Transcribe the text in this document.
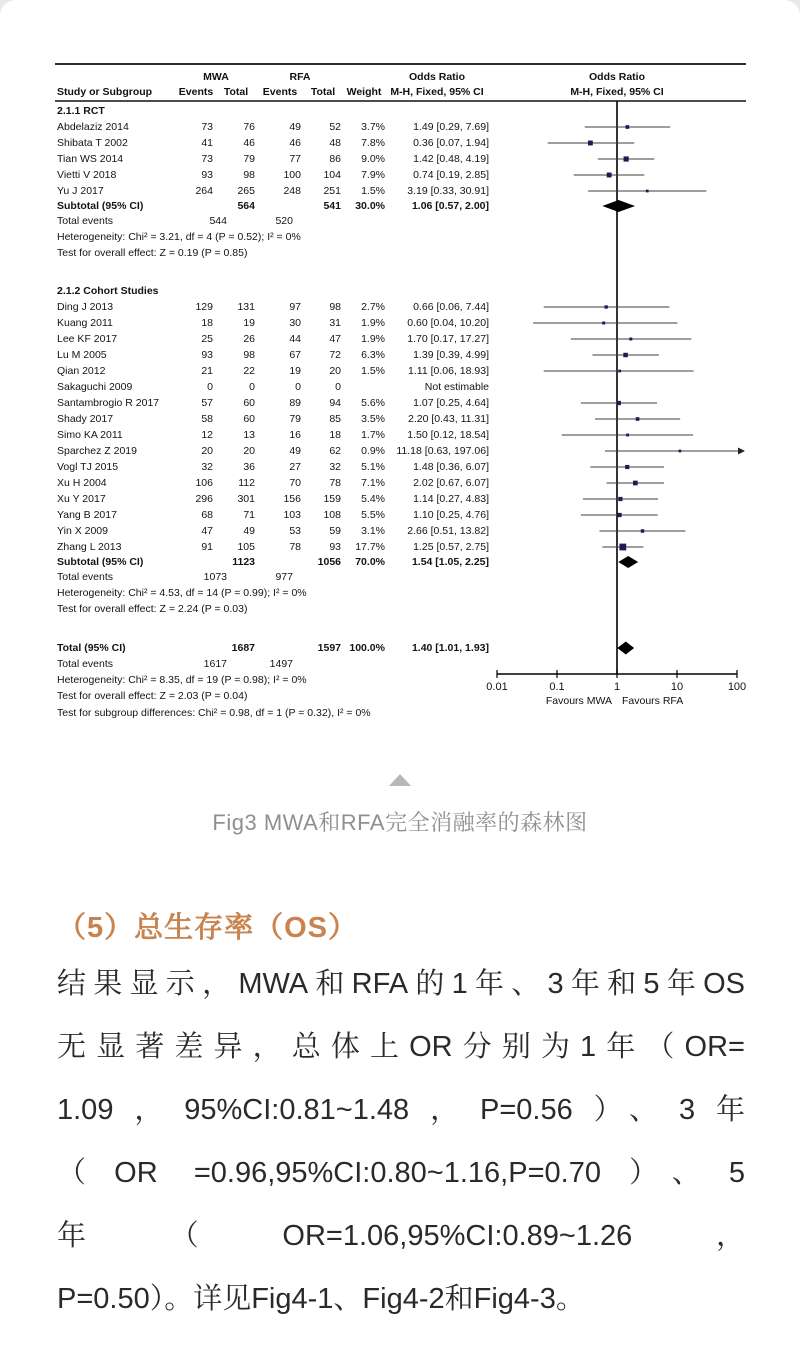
0.01	0.1	1	10	100
Favours MWA Favours RFA
MWA	RFA	Odds Ratio	Odds Ratio
Study or Subgroup	Events	Total	Events	Total	Weight M-H, Fixed, 95% CI	M-H, Fixed, 95% CI
2.1.1 RCT
Abdelaziz 2014	73	76	49	52	3.7%	1.49 [0.29, 7.69]
Shibata T 2002	41	46	46	48	7.8%	0.36 [0.07, 1.94]
Tian WS 2014	73	79	77	86	9.0%	1.42 [0.48, 4.19]
Vietti V 2018	93	98	100	104	7.9%	0.74 [0.19, 2.85]
Yu J 2017	264	265	248	251	1.5%	3.19 [0.33, 30.91]
Subtotal (95% CI)	564	541	30.0%	1.06 [0.57, 2.00]
Total events	544	520
Heterogeneity: Chi² = 3.21, df = 4 (P = 0.52); I² = 0%
Test for overall effect: Z = 0.19 (P = 0.85)
2.1.2 Cohort Studies
Ding J 2013	129	131	97	98	2.7%	0.66 [0.06, 7.44]
Kuang 2011	18	19	30	31	1.9%	0.60 [0.04, 10.20]
Lee KF 2017	25	26	44	47	1.9%	1.70 [0.17, 17.27]
Lu M 2005	93	98	67	72	6.3%	1.39 [0.39, 4.99]
Qian 2012	21	22	19	20	1.5%	1.11 [0.06, 18.93]
Sakaguchi 2009	0	0	0	0	Not estimable
Santambrogio R 2017	57	60	89	94	5.6%	1.07 [0.25, 4.64]
Shady 2017	58	60	79	85	3.5%	2.20 [0.43, 11.31]
Simo KA 2011	12	13	16	18	1.7%	1.50 [0.12, 18.54]
Sparchez Z 2019	20	20	49	62	0.9%	11.18 [0.63, 197.06]
Vogl TJ 2015	32	36	27	32	5.1%	1.48 [0.36, 6.07]
Xu H 2004	106	112	70	78	7.1%	2.02 [0.67, 6.07]
Xu Y 2017	296	301	156	159	5.4%	1.14 [0.27, 4.83]
Yang B 2017	68	71	103	108	5.5%	1.10 [0.25, 4.76]
Yin X 2009	47	49	53	59	3.1%	2.66 [0.51, 13.82]
Zhang L 2013	91	105	78	93	17.7%	1.25 [0.57, 2.75]
Subtotal (95% CI)	1123	1056	70.0%	1.54 [1.05, 2.25]
Total events	1073	977
Heterogeneity: Chi² = 4.53, df = 14 (P = 0.99); I² = 0%
Test for overall effect: Z = 2.24 (P = 0.03)
Total (95% CI)	1687	1597 100.0%	1.40 [1.01, 1.93]
Total events	1617	1497
Heterogeneity: Chi² = 8.35, df = 19 (P = 0.98); I² = 0%
Test for overall effect: Z = 2.03 (P = 0.04)
Test for subgroup differences: Chi² = 0.98, df = 1 (P = 0.32), I² = 0%
Fig3 MWA和RFA完全消融率的森林图
（5）总生存率（OS）
结果显示，MWA和RFA的1年、3年和5年OS
无显著差异，总体上OR分别为1年（OR=
1.09，95%CI:0.81~1.48，P=0.56）、3年
（OR =0.96,95%CI:0.80~1.16,P=0.70）、5
年（OR=1.06,95%CI:0.89~1.26，
P=0.50）。详见Fig4-1、Fig4-2和Fig4-3。
